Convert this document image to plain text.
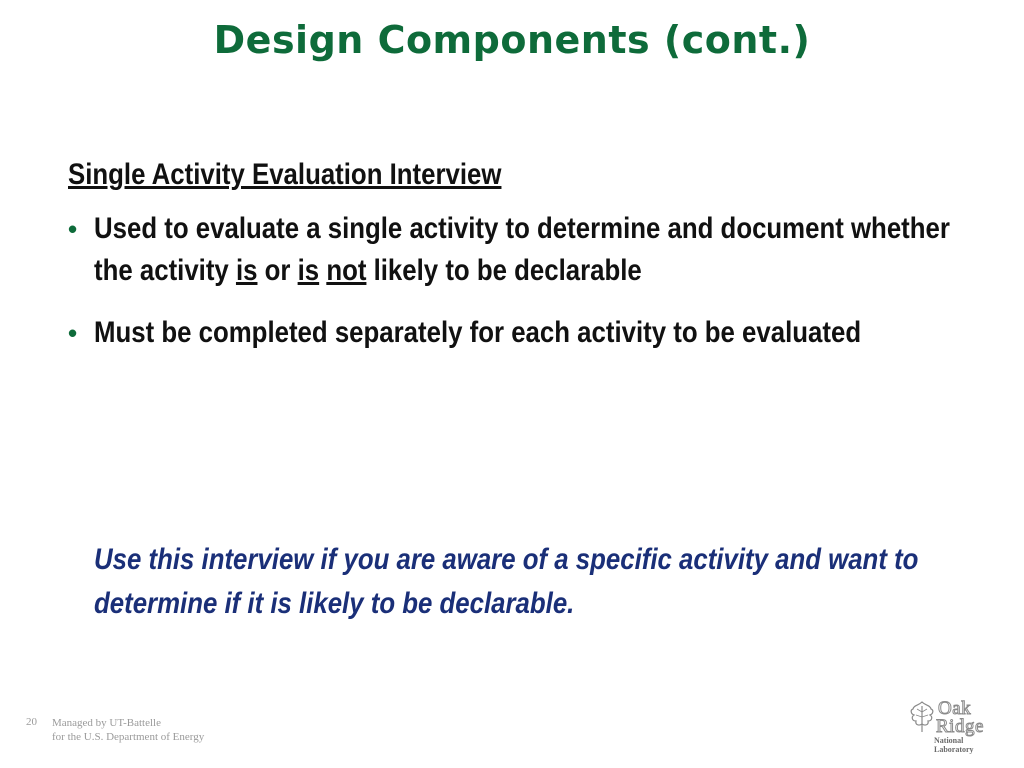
Design Components (cont.)
Single Activity Evaluation Interview
• Used to evaluate a single activity to determine and document whether the activity is or is not likely to be declarable
• Must be completed separately for each activity to be evaluated
Use this interview if you are aware of a specific activity and want to determine if it is likely to be declarable.
20 Managed by UT-Battelle
for the U.S. Department of Energy
Oak
Ridge
National Laboratory
